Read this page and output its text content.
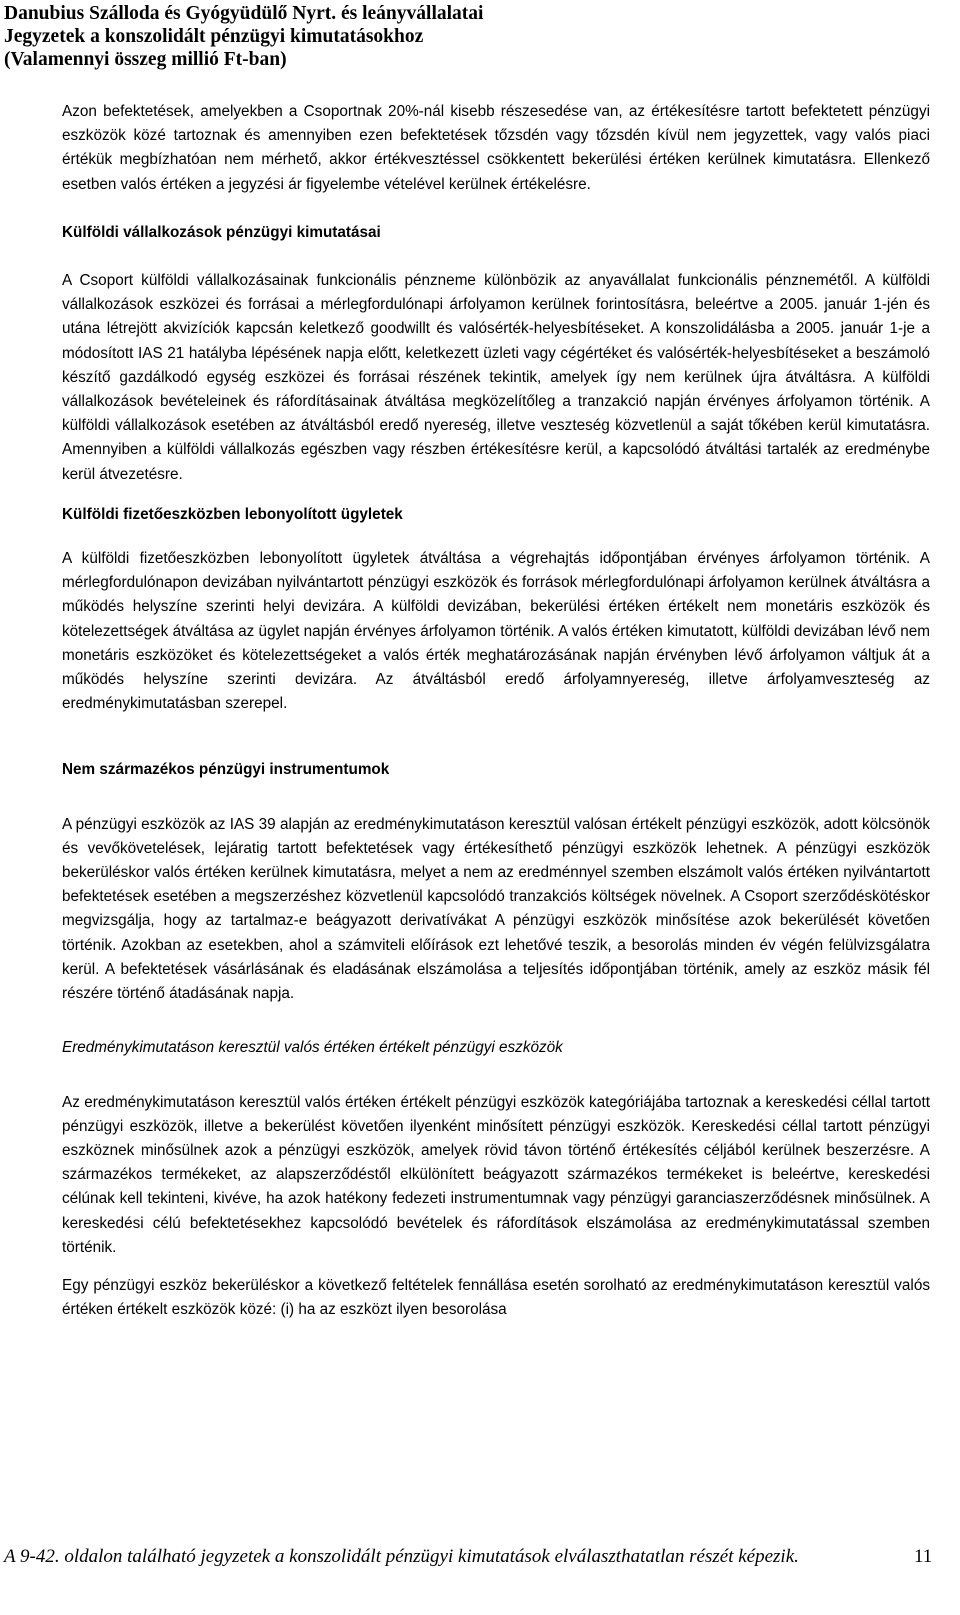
Danubius Szálloda és Gyógyüdülő Nyrt. és leányvállalatai
Jegyzetek a konszolidált pénzügyi kimutatásokhoz
(Valamennyi összeg millió Ft-ban)

Azon befektetések, amelyekben a Csoportnak 20%-nál kisebb részesedése van, az értékesítésre tartott befektetett pénzügyi eszközök közé tartoznak és amennyiben ezen befektetések tőzsdén vagy tőzsdén kívül nem jegyzettek, vagy valós piaci értékük megbízhatóan nem mérhető, akkor értékvesztéssel csökkentett bekerülési értéken kerülnek kimutatásra. Ellenkező esetben valós értéken a jegyzési ár figyelembe vételével kerülnek értékelésre.

Külföldi vállalkozások pénzügyi kimutatásai

A Csoport külföldi vállalkozásainak funkcionális pénzneme különbözik az anyavállalat funkcionális pénznemétől. A külföldi vállalkozások eszközei és forrásai a mérlegfordulónapi árfolyamon kerülnek forintosításra, beleértve a 2005. január 1-jén és utána létrejött akvizíciók kapcsán keletkező goodwillt és valósérték-helyesbítéseket. A konszolidálásba a 2005. január 1-je a módosított IAS 21 hatályba lépésének napja előtt, keletkezett üzleti vagy cégértéket és valósérték-helyesbítéseket a beszámoló készítő gazdálkodó egység eszközei és forrásai részének tekintik, amelyek így nem kerülnek újra átváltásra. A külföldi vállalkozások bevételeinek és ráfordításainak átváltása megközelítőleg a tranzakció napján érvényes árfolyamon történik. A külföldi vállalkozások esetében az átváltásból eredő nyereség, illetve veszteség közvetlenül a saját tőkében kerül kimutatásra. Amennyiben a külföldi vállalkozás egészben vagy részben értékesítésre kerül, a kapcsolódó átváltási tartalék az eredménybe kerül átvezetésre.

Külföldi fizetőeszközben lebonyolított ügyletek

A külföldi fizetőeszközben lebonyolított ügyletek átváltása a végrehajtás időpontjában érvényes árfolyamon történik. A mérlegfordulónapon devizában nyilvántartott pénzügyi eszközök és források mérlegfordulónapi árfolyamon kerülnek átváltásra a működés helyszíne szerinti helyi devizára. A külföldi devizában, bekerülési értéken értékelt nem monetáris eszközök és kötelezettségek átváltása az ügylet napján érvényes árfolyamon történik. A valós értéken kimutatott, külföldi devizában lévő nem monetáris eszközöket és kötelezettségeket a valós érték meghatározásának napján érvényben lévő árfolyamon váltjuk át a működés helyszíne szerinti devizára. Az átváltásból eredő árfolyamnyereség, illetve árfolyamveszteség az eredménykimutatásban szerepel.

Nem származékos pénzügyi instrumentumok

A pénzügyi eszközök az IAS 39 alapján az eredménykimutatáson keresztül valósan értékelt pénzügyi eszközök, adott kölcsönök és vevőkövetelések, lejáratig tartott befektetések vagy értékesíthető pénzügyi eszközök lehetnek. A pénzügyi eszközök bekerüléskor valós értéken kerülnek kimutatásra, melyet a nem az eredménnyel szemben elszámolt valós értéken nyilvántartott befektetések esetében a megszerzéshez közvetlenül kapcsolódó tranzakciós költségek növelnek. A Csoport szerződéskötéskor megvizsgálja, hogy az tartalmaz-e beágyazott derivatívákat A pénzügyi eszközök minősítése azok bekerülését követően történik. Azokban az esetekben, ahol a számviteli előírások ezt lehetővé teszik, a besorolás minden év végén felülvizsgálatra kerül. A befektetések vásárlásának és eladásának elszámolása a teljesítés időpontjában történik, amely az eszköz másik fél részére történő átadásának napja.

Eredménykimutatáson keresztül valós értéken értékelt pénzügyi eszközök

Az eredménykimutatáson keresztül valós értéken értékelt pénzügyi eszközök kategóriájába tartoznak a kereskedési céllal tartott pénzügyi eszközök, illetve a bekerülést követően ilyenként minősített pénzügyi eszközök. Kereskedési céllal tartott pénzügyi eszköznek minősülnek azok a pénzügyi eszközök, amelyek rövid távon történő értékesítés céljából kerülnek beszerzésre. A származékos termékeket, az alapszerződéstől elkülönített beágyazott származékos termékeket is beleértve, kereskedési célúnak kell tekinteni, kivéve, ha azok hatékony fedezeti instrumentumnak vagy pénzügyi garanciaszerződésnek minősülnek. A kereskedési célú befektetésekhez kapcsolódó bevételek és ráfordítások elszámolása az eredménykimutatással szemben történik.

Egy pénzügyi eszköz bekerüléskor a következő feltételek fennállása esetén sorolható az eredménykimutatáson keresztül valós értéken értékelt eszközök közé: (i) ha az eszközt ilyen besorolása

A 9-42. oldalon található jegyzetek a konszolidált pénzügyi kimutatások elválaszthatatlan részét képezik.	11
